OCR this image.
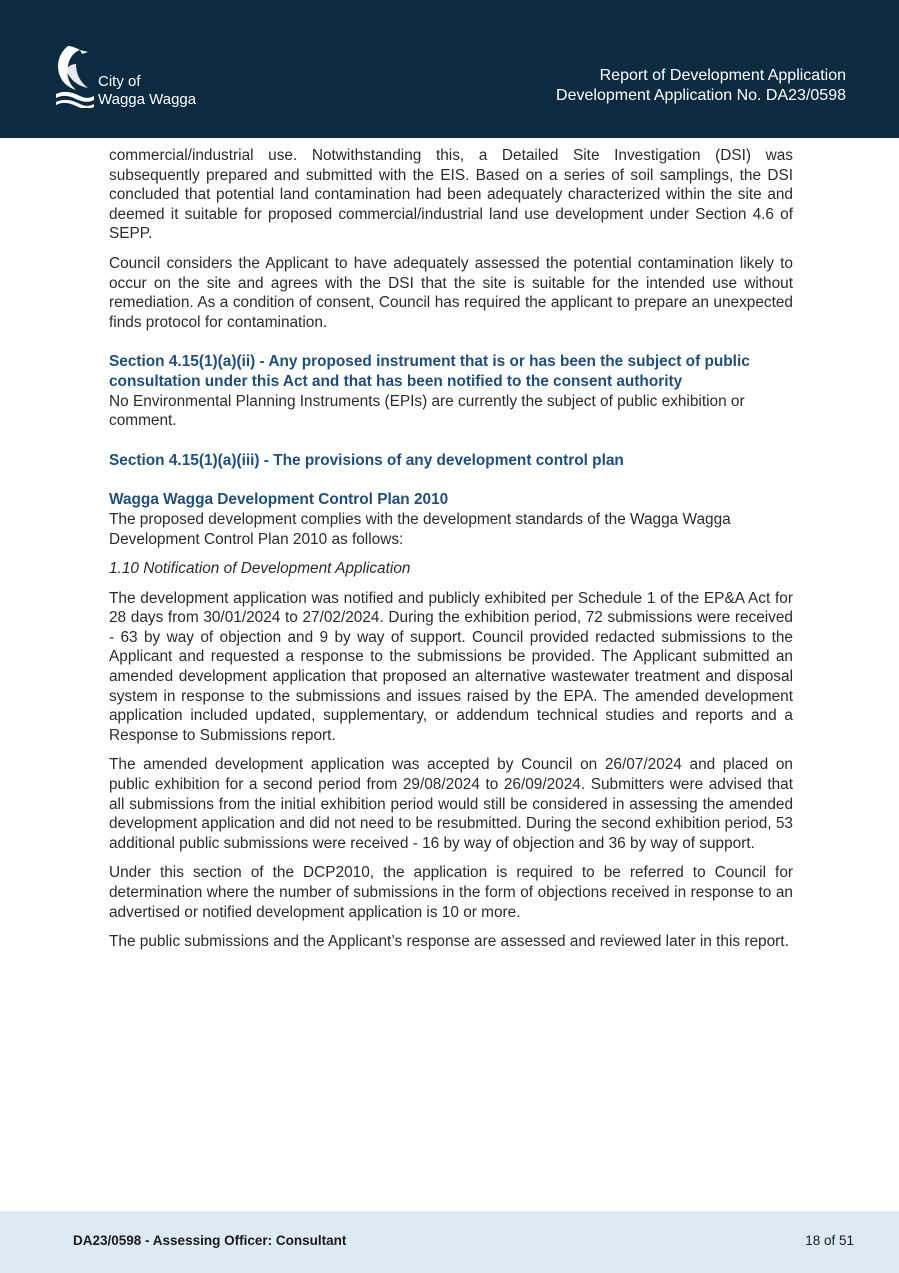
City of
Wagga Wagga
Report of Development Application
Development Application No. DA23/0598

commercial/industrial use. Notwithstanding this, a Detailed Site Investigation (DSI) was subsequently prepared and submitted with the EIS. Based on a series of soil samplings, the DSI concluded that potential land contamination had been adequately characterized within the site and deemed it suitable for proposed commercial/industrial land use development under Section 4.6 of SEPP.

Council considers the Applicant to have adequately assessed the potential contamination likely to occur on the site and agrees with the DSI that the site is suitable for the intended use without remediation. As a condition of consent, Council has required the applicant to prepare an unexpected finds protocol for contamination.

Section 4.15(1)(a)(ii) - Any proposed instrument that is or has been the subject of public consultation under this Act and that has been notified to the consent authority

No Environmental Planning Instruments (EPIs) are currently the subject of public exhibition or comment.

Section 4.15(1)(a)(iii) - The provisions of any development control plan
Wagga Wagga Development Control Plan 2010

The proposed development complies with the development standards of the Wagga Wagga Development Control Plan 2010 as follows:

1.10 Notification of Development Application

The development application was notified and publicly exhibited per Schedule 1 of the EP&A Act for 28 days from 30/01/2024 to 27/02/2024. During the exhibition period, 72 submissions were received - 63 by way of objection and 9 by way of support. Council provided redacted submissions to the Applicant and requested a response to the submissions be provided. The Applicant submitted an amended development application that proposed an alternative wastewater treatment and disposal system in response to the submissions and issues raised by the EPA. The amended development application included updated, supplementary, or addendum technical studies and reports and a Response to Submissions report.

The amended development application was accepted by Council on 26/07/2024 and placed on public exhibition for a second period from 29/08/2024 to 26/09/2024. Submitters were advised that all submissions from the initial exhibition period would still be considered in assessing the amended development application and did not need to be resubmitted. During the second exhibition period, 53 additional public submissions were received - 16 by way of objection and 36 by way of support.

Under this section of the DCP2010, the application is required to be referred to Council for determination where the number of submissions in the form of objections received in response to an advertised or notified development application is 10 or more.

The public submissions and the Applicant’s response are assessed and reviewed later in this report.

DA23/0598 - Assessing Officer: Consultant	18 of 51
